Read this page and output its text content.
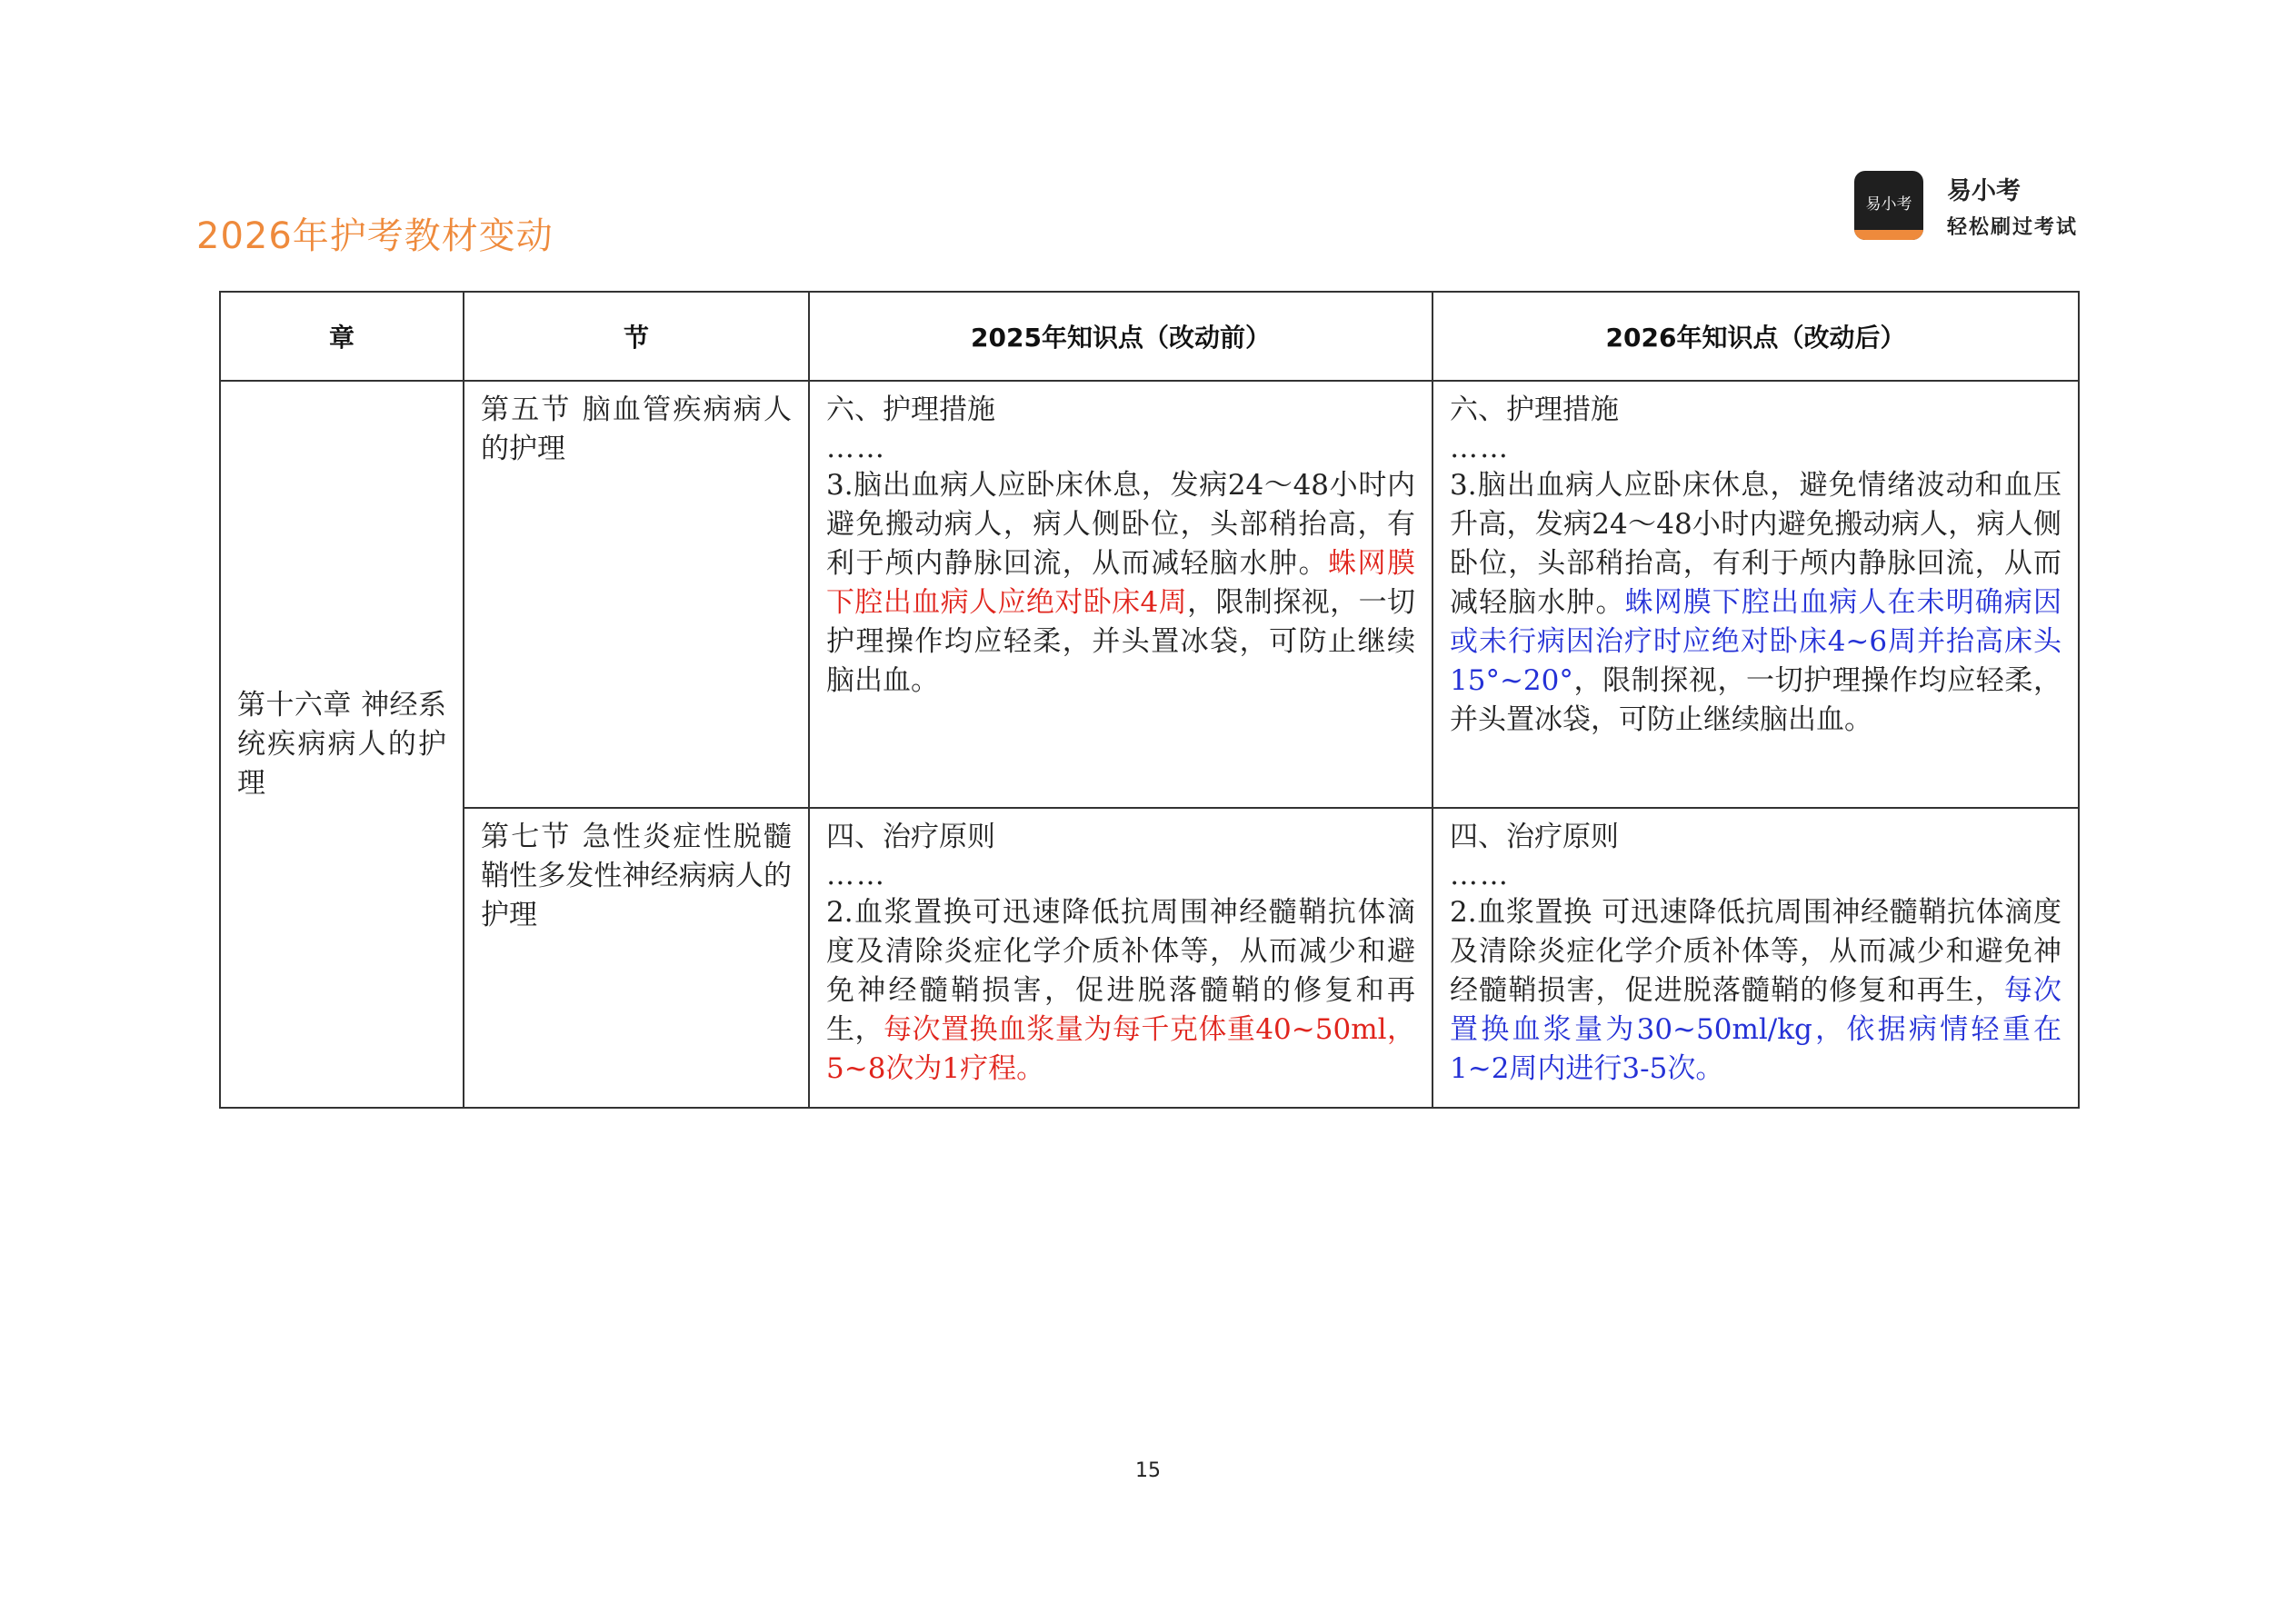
2026年护考教材变动
易小考 易小考
轻松刷过考试
章	节	2025年知识点（改动前）	2026年知识点（改动后）

第十六章 神经系统疾病病人的护理	第五节 脑血管疾病病人的护理	六、护理措施
……
3.脑出血病人应卧床休息，发病24～48小时内避免搬动病人，病人侧卧位，头部稍抬高，有利于颅内静脉回流，从而减轻脑水肿。蛛网膜下腔出血病人应绝对卧床4周，限制探视，一切护理操作均应轻柔，并头置冰袋，可防止继续脑出血。	六、护理措施
……
3.脑出血病人应卧床休息，避免情绪波动和血压升高，发病24～48小时内避免搬动病人，病人侧卧位，头部稍抬高，有利于颅内静脉回流，从而减轻脑水肿。蛛网膜下腔出血病人在未明确病因或未行病因治疗时应绝对卧床4~6周并抬高床头15°~20°，限制探视，一切护理操作均应轻柔，并头置冰袋，可防止继续脑出血。

	第七节 急性炎症性脱髓鞘性多发性神经病病人的护理	四、治疗原则
……
2.血浆置换可迅速降低抗周围神经髓鞘抗体滴度及清除炎症化学介质补体等，从而减少和避免神经髓鞘损害，促进脱落髓鞘的修复和再生，每次置换血浆量为每千克体重40~50ml，5~8次为1疗程。	四、治疗原则
……
2.血浆置换 可迅速降低抗周围神经髓鞘抗体滴度及清除炎症化学介质补体等，从而减少和避免神经髓鞘损害，促进脱落髓鞘的修复和再生，每次置换血浆量为30~50ml/kg，依据病情轻重在1~2周内进行3-5次。
15
